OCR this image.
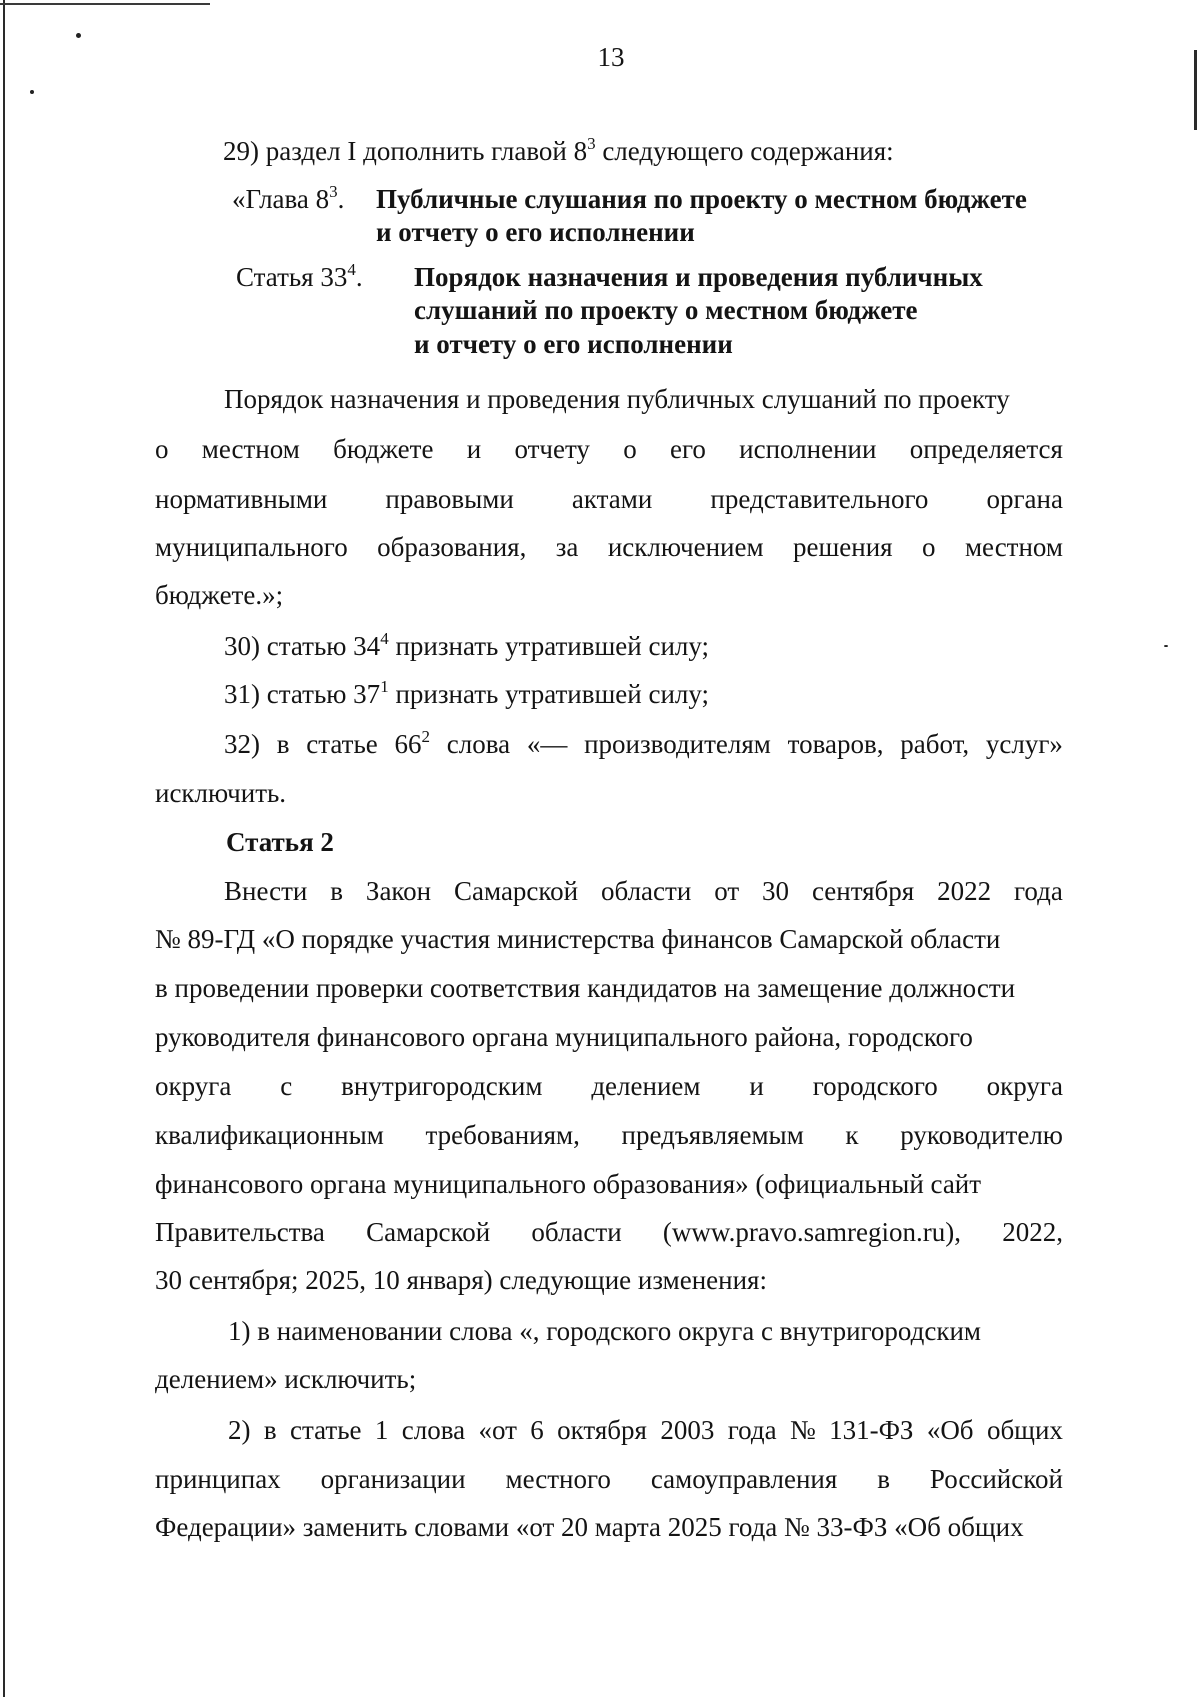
13
29) раздел I дополнить главой $8^3$ следующего содержания:
«Глава $8^3$. Публичные слушания по проекту о местном бюджете
и отчету о его исполнении
Статья $33^4$. Порядок назначения и проведения публичных
слушаний по проекту о местном бюджете
и отчету о его исполнении
Порядок назначения и проведения публичных слушаний по проекту
о местном бюджете и отчету о его исполнении определяется
нормативными правовыми актами представительного органа
муниципального образования, за исключением решения о местном
бюджете.»;
30) статью $34^4$ признать утратившей силу;
31) статью $37^1$ признать утратившей силу;
32) в статье $66^2$ слова «— производителям товаров, работ, услуг»
исключить.
Статья 2
Внести в Закон Самарской области от 30 сентября 2022 года
№ 89-ГД «О порядке участия министерства финансов Самарской области
в проведении проверки соответствия кандидатов на замещение должности
руководителя финансового органа муниципального района, городского
округа с внутригородским делением и городского округа
квалификационным требованиям, предъявляемым к руководителю
финансового органа муниципального образования» (официальный сайт
Правительства Самарской области (www.pravo.samregion.ru), 2022,
30 сентября; 2025, 10 января) следующие изменения:
1) в наименовании слова «, городского округа с внутригородским
делением» исключить;
2) в статье 1 слова «от 6 октября 2003 года № 131-ФЗ «Об общих
принципах организации местного самоуправления в Российской
Федерации» заменить словами «от 20 марта 2025 года № 33-ФЗ «Об общих
